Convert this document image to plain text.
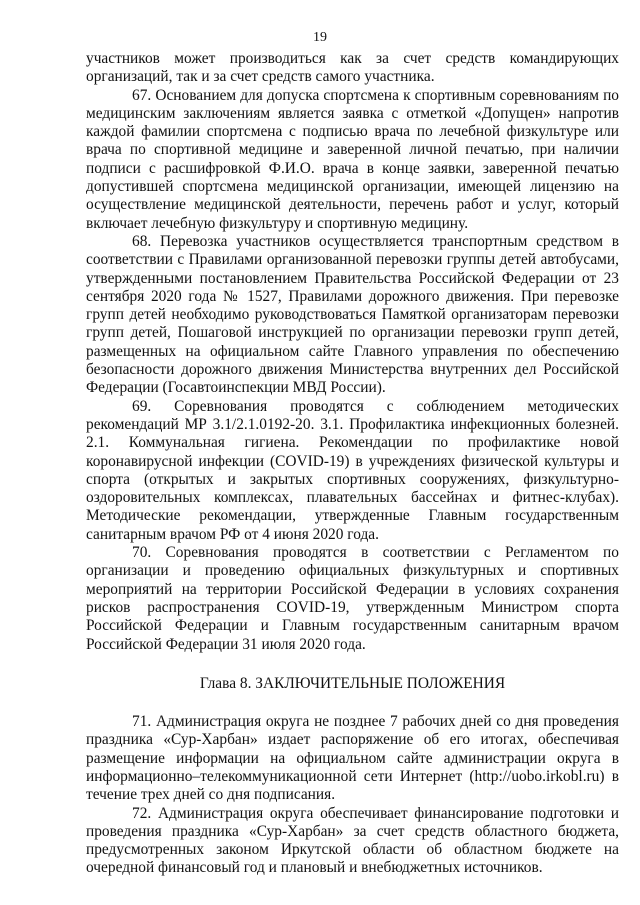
19

участников может производиться как за счет средств командирующих организаций, так и за счет средств самого участника.

67. Основанием для допуска спортсмена к спортивным соревнованиям по медицинским заключениям является заявка с отметкой «Допущен» напротив каждой фамилии спортсмена с подписью врача по лечебной физкультуре или врача по спортивной медицине и заверенной личной печатью, при наличии подписи с расшифровкой Ф.И.О. врача в конце заявки, заверенной печатью допустившей спортсмена медицинской организации, имеющей лицензию на осуществление медицинской деятельности, перечень работ и услуг, который включает лечебную физкультуру и спортивную медицину.

68. Перевозка участников осуществляется транспортным средством в соответствии с Правилами организованной перевозки группы детей автобусами, утвержденными постановлением Правительства Российской Федерации от 23 сентября 2020 года № 1527, Правилами дорожного движения. При перевозке групп детей необходимо руководствоваться Памяткой организаторам перевозки групп детей, Пошаговой инструкцией по организации перевозки групп детей, размещенных на официальном сайте Главного управления по обеспечению безопасности дорожного движения Министерства внутренних дел Российской Федерации (Госавтоинспекции МВД России).

69. Соревнования проводятся с соблюдением методических рекомендаций МР 3.1/2.1.0192-20. 3.1. Профилактика инфекционных болезней. 2.1. Коммунальная гигиена. Рекомендации по профилактике новой коронавирусной инфекции (COVID-19) в учреждениях физической культуры и спорта (открытых и закрытых спортивных сооружениях, физкультурно-оздоровительных комплексах, плавательных бассейнах и фитнес-клубах). Методические рекомендации, утвержденные Главным государственным санитарным врачом РФ от 4 июня 2020 года.

70. Соревнования проводятся в соответствии с Регламентом по организации и проведению официальных физкультурных и спортивных мероприятий на территории Российской Федерации в условиях сохранения рисков распространения COVID-19, утвержденным Министром спорта Российской Федерации и Главным государственным санитарным врачом Российской Федерации 31 июля 2020 года.

Глава 8. ЗАКЛЮЧИТЕЛЬНЫЕ ПОЛОЖЕНИЯ

71. Администрация округа не позднее 7 рабочих дней со дня проведения праздника «Сур-Харбан» издает распоряжение об его итогах, обеспечивая размещение информации на официальном сайте администрации округа в информационно–телекоммуникационной сети Интернет (http://uobo.irkobl.ru) в течение трех дней со дня подписания.

72. Администрация округа обеспечивает финансирование подготовки и проведения праздника «Сур-Харбан» за счет средств областного бюджета, предусмотренных законом Иркутской области об областном бюджете на очередной финансовый год и плановый и внебюджетных источников.
